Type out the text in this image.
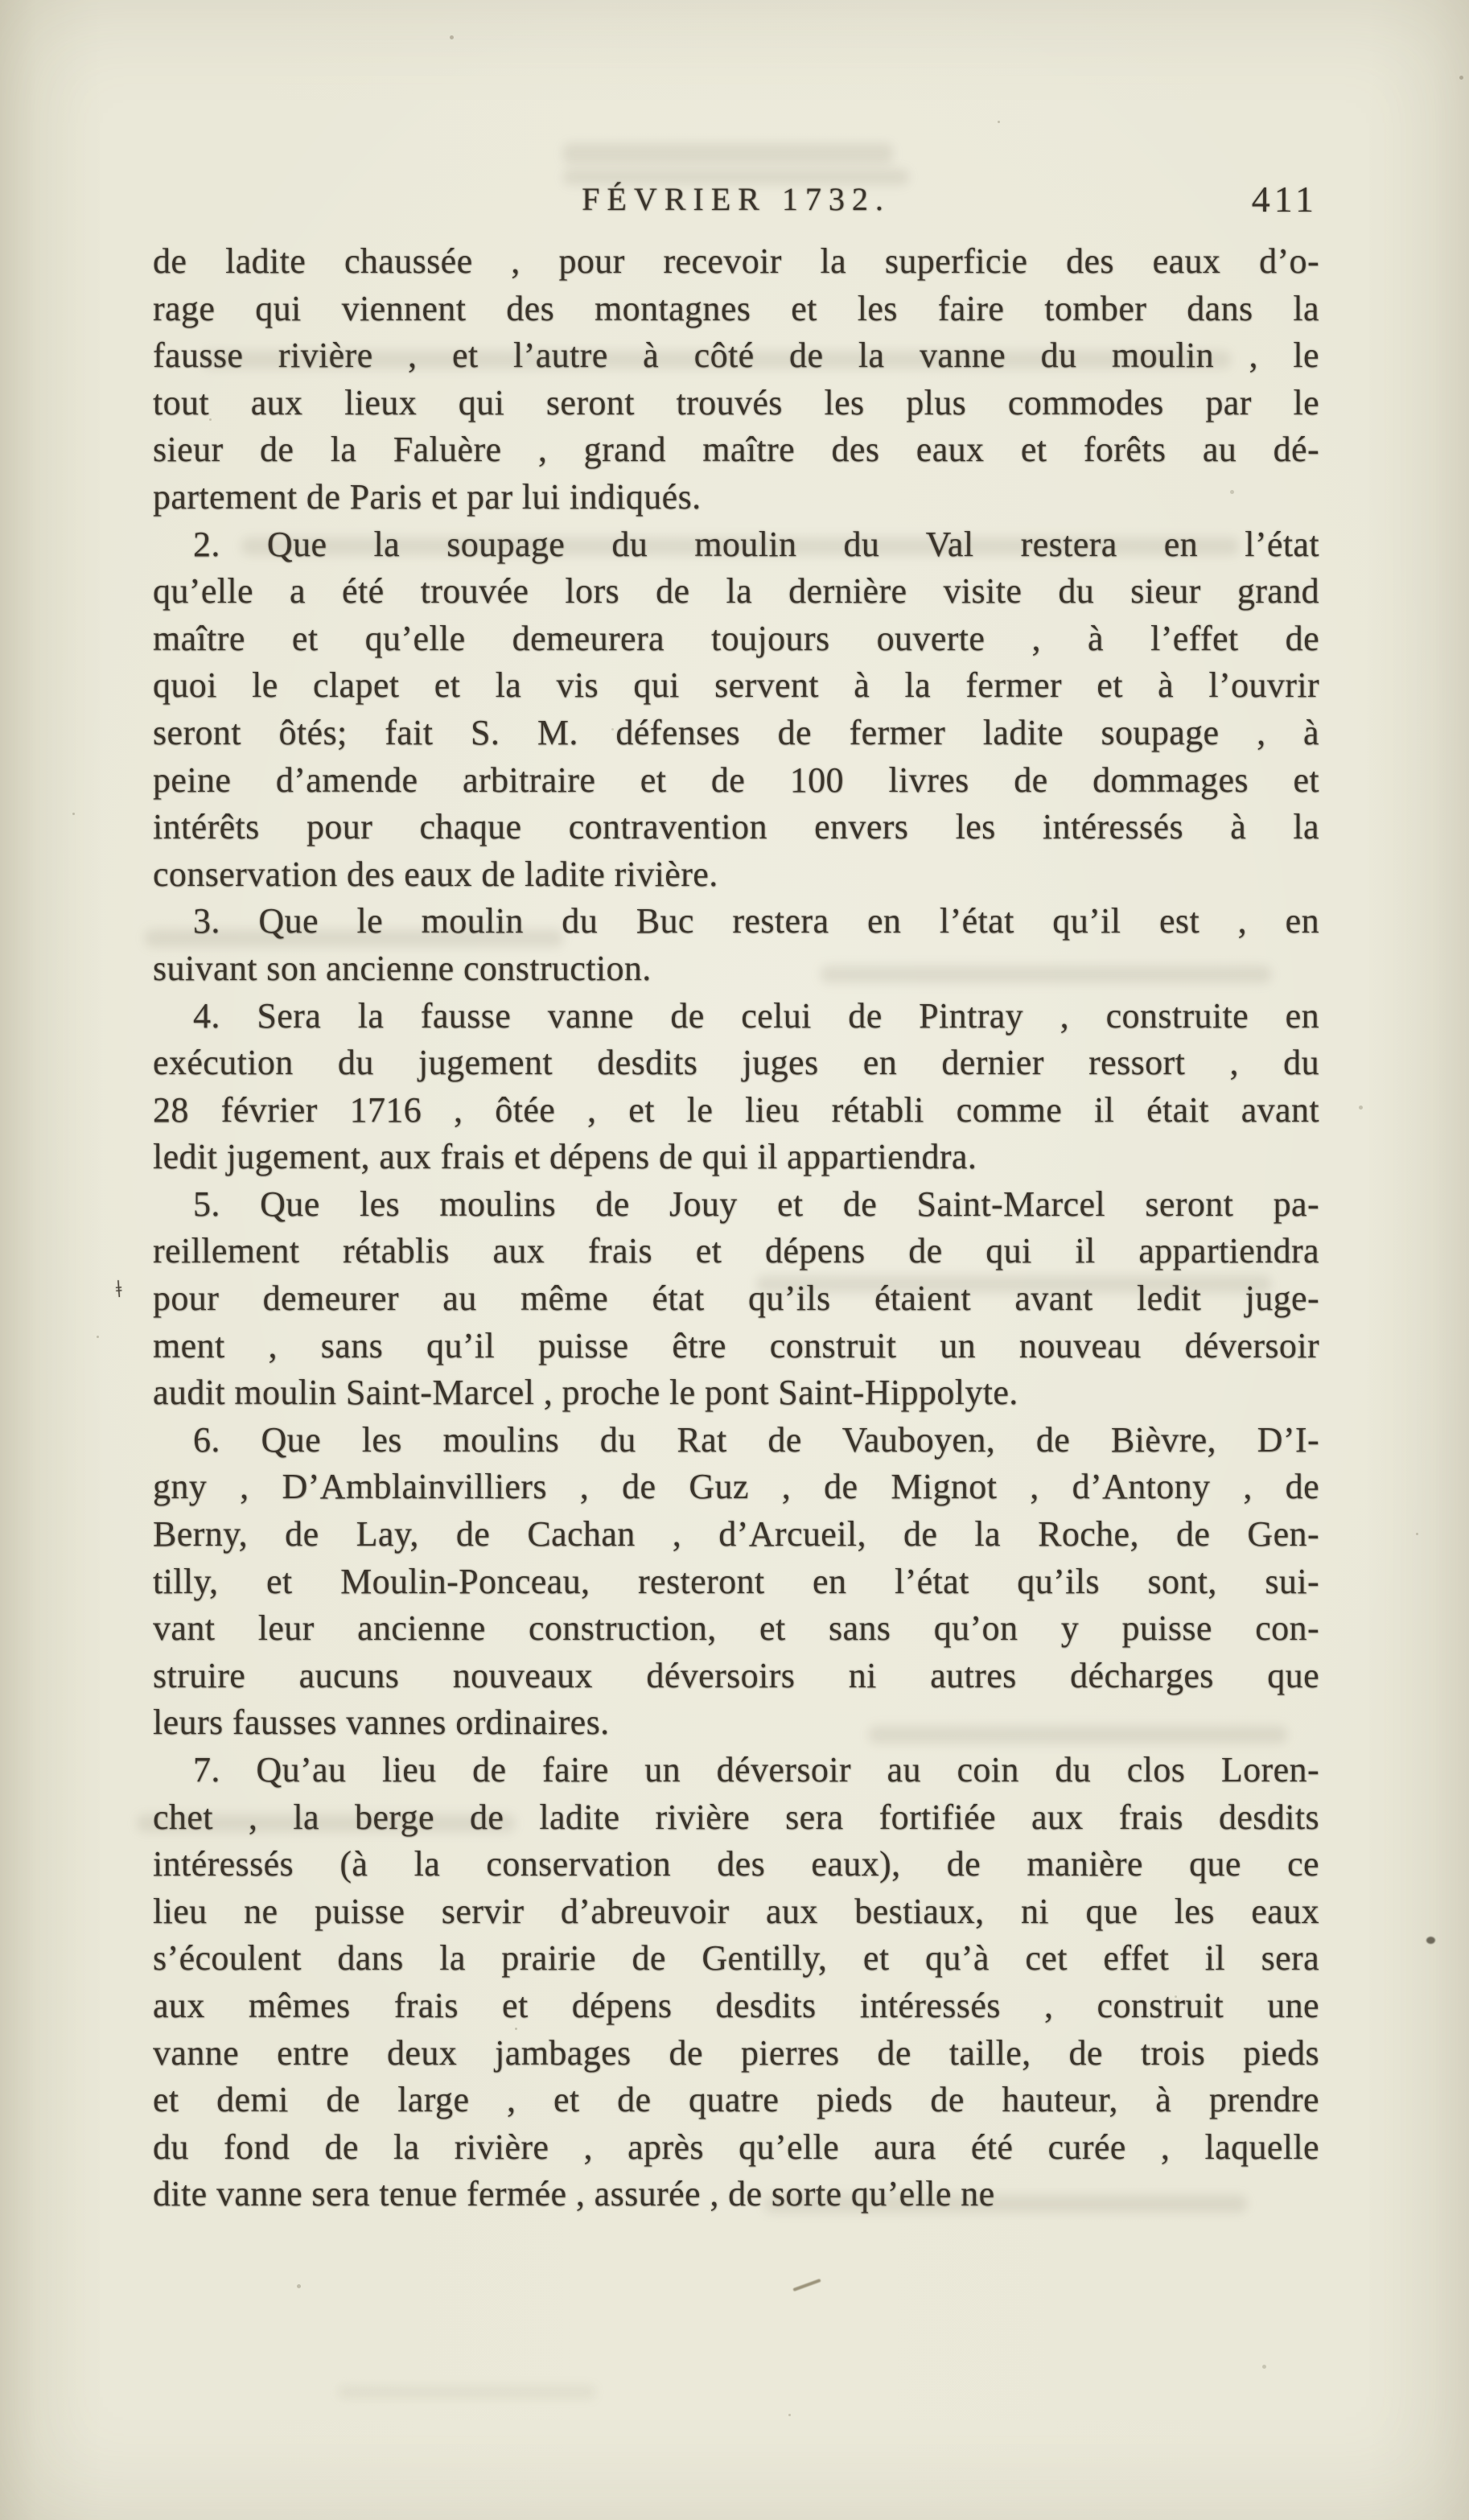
FÉVRIER 1732.	411
ǂ
de ladite chaussée , pour recevoir la superficie des eaux d’o-
rage qui viennent des montagnes et les faire tomber dans la
fausse rivière , et l’autre à côté de la vanne du moulin , le
tout aux lieux qui seront trouvés les plus commodes par le
sieur de la Faluère , grand maître des eaux et forêts au dé-
partement de Paris et par lui indiqués.
2. Que la soupage du moulin du Val restera en l’état
qu’elle a été trouvée lors de la dernière visite du sieur grand
maître et qu’elle demeurera toujours ouverte , à l’effet de
quoi le clapet et la vis qui servent à la fermer et à l’ouvrir
seront ôtés; fait S. M. défenses de fermer ladite soupage , à
peine d’amende arbitraire et de 100 livres de dommages et
intérêts pour chaque contravention envers les intéressés à la
conservation des eaux de ladite rivière.
3. Que le moulin du Buc restera en l’état qu’il est , en
suivant son ancienne construction.
4. Sera la fausse vanne de celui de Pintray , construite en
exécution du jugement desdits juges en dernier ressort , du
28 février 1716 , ôtée , et le lieu rétabli comme il était avant
ledit jugement, aux frais et dépens de qui il appartiendra.
5. Que les moulins de Jouy et de Saint-Marcel seront pa-
reillement rétablis aux frais et dépens de qui il appartiendra
pour demeurer au même état qu’ils étaient avant ledit juge-
ment , sans qu’il puisse être construit un nouveau déversoir
audit moulin Saint-Marcel , proche le pont Saint-Hippolyte.
6. Que les moulins du Rat de Vauboyen, de Bièvre, D’I-
gny , D’Amblainvilliers , de Guz , de Mignot , d’Antony , de
Berny, de Lay, de Cachan , d’Arcueil, de la Roche, de Gen-
tilly, et Moulin-Ponceau, resteront en l’état qu’ils sont, sui-
vant leur ancienne construction, et sans qu’on y puisse con-
struire aucuns nouveaux déversoirs ni autres décharges que
leurs fausses vannes ordinaires.
7. Qu’au lieu de faire un déversoir au coin du clos Loren-
chet , la berge de ladite rivière sera fortifiée aux frais desdits
intéressés (à la conservation des eaux), de manière que ce
lieu ne puisse servir d’abreuvoir aux bestiaux, ni que les eaux
s’écoulent dans la prairie de Gentilly, et qu’à cet effet il sera
aux mêmes frais et dépens desdits intéressés , construit une
vanne entre deux jambages de pierres de taille, de trois pieds
et demi de large , et de quatre pieds de hauteur, à prendre
du fond de la rivière , après qu’elle aura été curée , laquelle
dite vanne sera tenue fermée , assurée , de sorte qu’elle ne
